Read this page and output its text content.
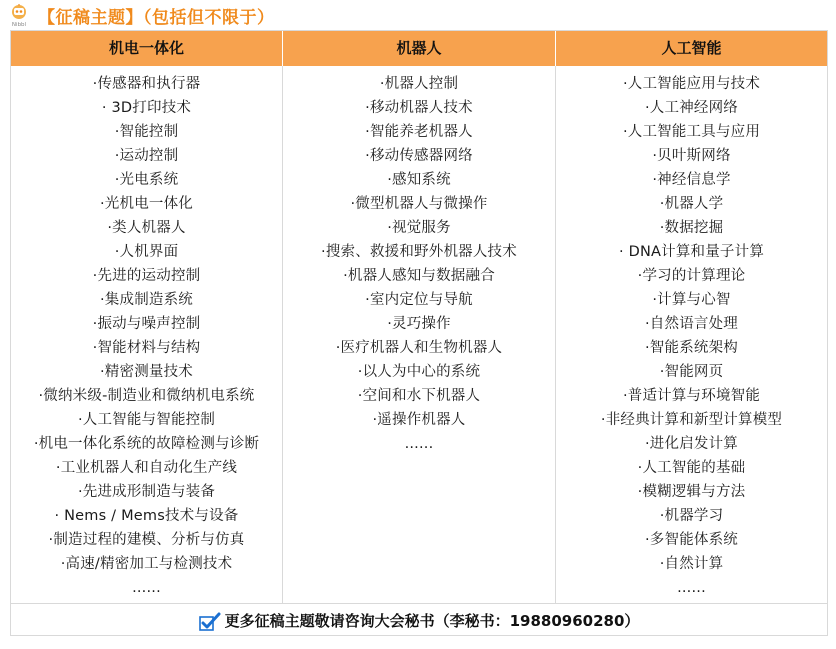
Nibbl 【征稿主题】（包括但不限于）
机电一体化	机器人	人工智能
·传感器和执行器
· 3D打印技术
·智能控制
·运动控制
·光电系统
·光机电一体化
·类人机器人
·人机界面
·先进的运动控制
·集成制造系统
·振动与噪声控制
·智能材料与结构
·精密测量技术
·微纳米级-制造业和微纳机电系统
·人工智能与智能控制
·机电一体化系统的故障检测与诊断
·工业机器人和自动化生产线
·先进成形制造与装备
· Nems / Mems技术与设备
·制造过程的建模、分析与仿真
·高速/精密加工与检测技术
......
·机器人控制
·移动机器人技术
·智能养老机器人
·移动传感器网络
·感知系统
·微型机器人与微操作
·视觉服务
·搜索、救援和野外机器人技术
·机器人感知与数据融合
·室内定位与导航
·灵巧操作
·医疗机器人和生物机器人
·以人为中心的系统
·空间和水下机器人
·遥操作机器人
......
·人工智能应用与技术
·人工神经网络
·人工智能工具与应用
·贝叶斯网络
·神经信息学
·机器人学
·数据挖掘
· DNA计算和量子计算
·学习的计算理论
·计算与心智
·自然语言处理
·智能系统架构
·智能网页
·普适计算与环境智能
·非经典计算和新型计算模型
·进化启发计算
·人工智能的基础
·模糊逻辑与方法
·机器学习
·多智能体系统
·自然计算
......
更多征稿主题敬请咨询大会秘书（李秘书：19880960280）
